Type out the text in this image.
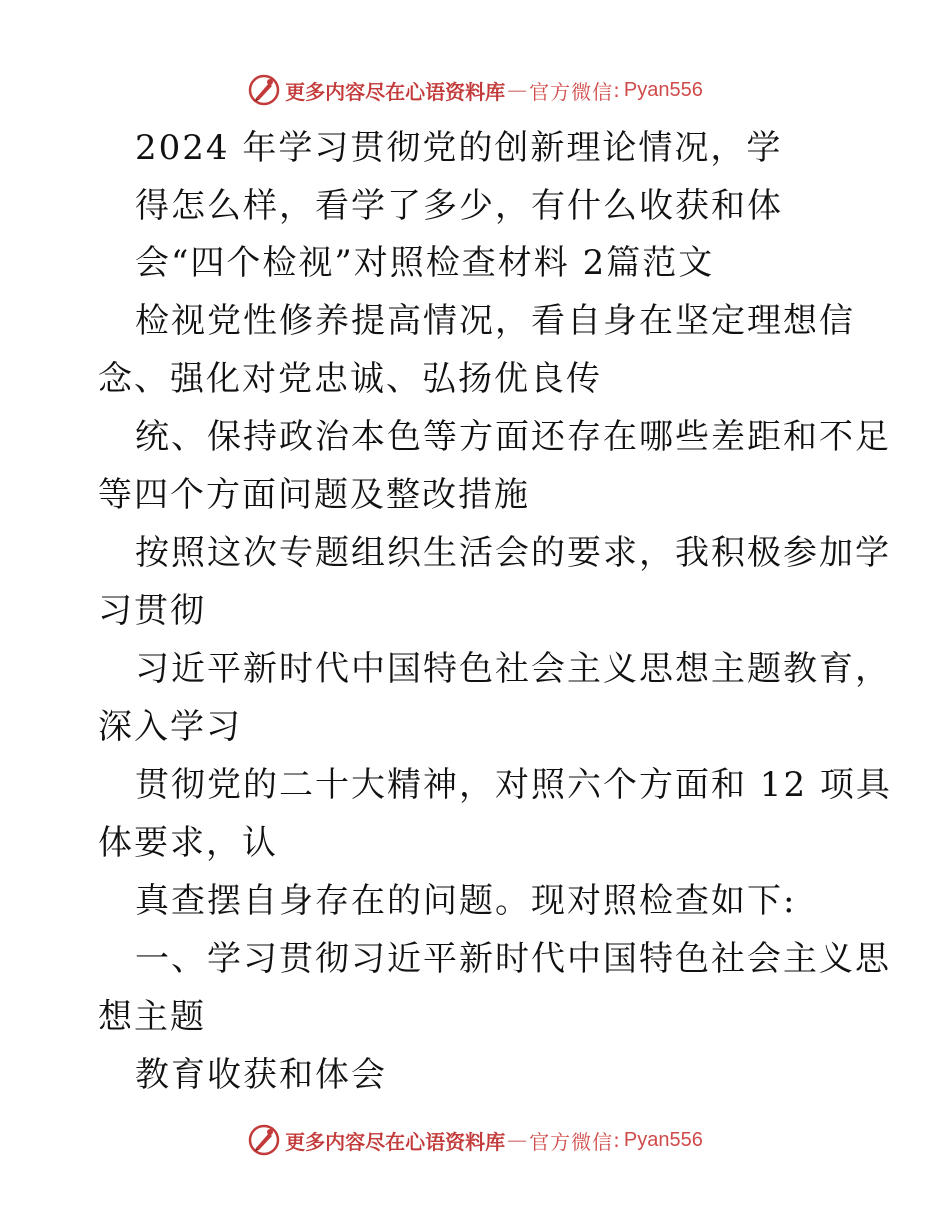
更多内容尽在心语资料库 — 官方微信 : Pyan556
2024 年学习贯彻党的创新理论情况，学
得怎么样，看学了多少，有什么收获和体
会“四个检视”对照检查材料 2篇范文
检视党性修养提高情况，看自身在坚定理想信
念、强化对党忠诚、弘扬优良传
统、保持政治本色等方面还存在哪些差距和不足
等四个方面问题及整改措施
按照这次专题组织生活会的要求，我积极参加学
习贯彻
习近平新时代中国特色社会主义思想主题教育，
深入学习
贯彻党的二十大精神，对照六个方面和 12 项具
体要求，认
真查摆自身存在的问题。现对照检查如下:
一、学习贯彻习近平新时代中国特色社会主义思
想主题
教育收获和体会
更多内容尽在心语资料库 — 官方微信 : Pyan556
